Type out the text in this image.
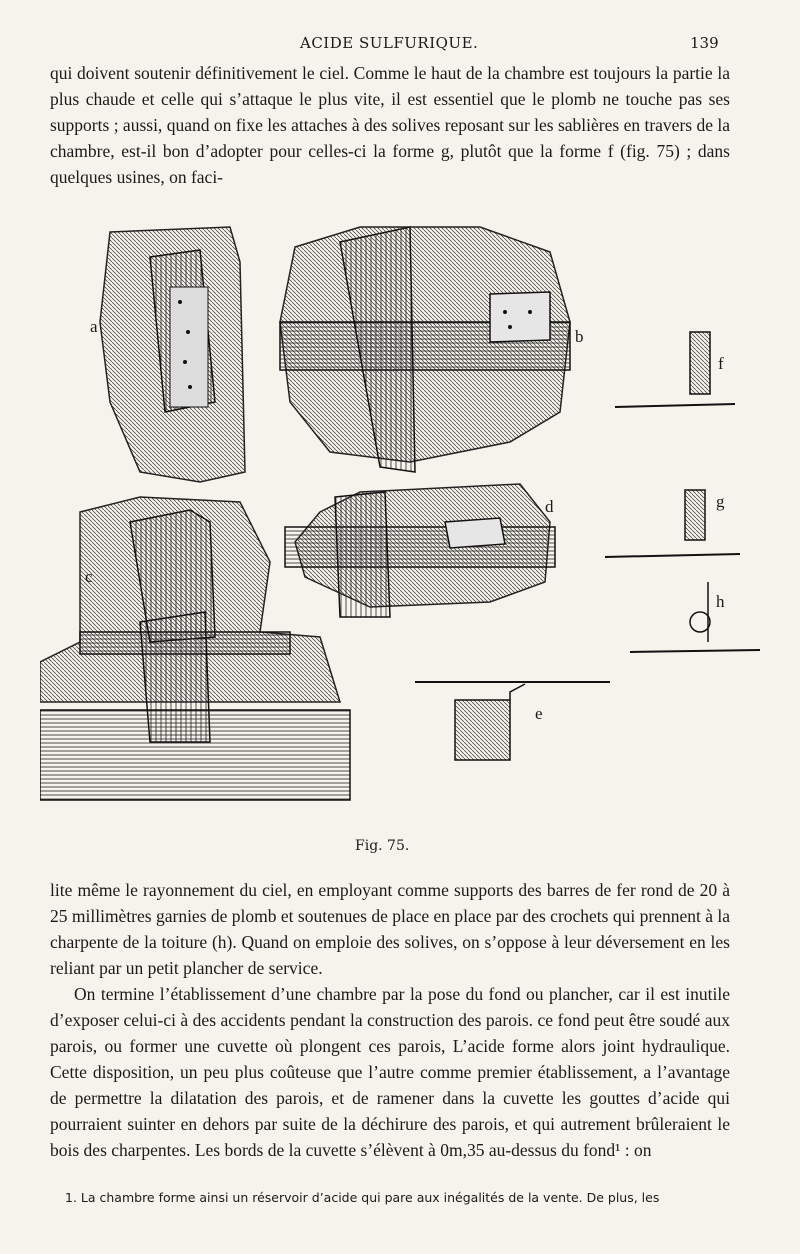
ACIDE SULFURIQUE.	139

qui doivent soutenir définitivement le ciel. Comme le haut de la chambre est toujours la partie la plus chaude et celle qui s’attaque le plus vite, il est essentiel que le plomb ne touche pas ses supports ; aussi, quand on fixe les attaches à des solives reposant sur les sablières en travers de la chambre, est-il bon d’adopter pour celles-ci la forme g, plutôt que la forme f (fig. 75) ; dans quelques usines, on faci-

a
b
c
d
e
f
g
h
Fig. 75.

lite même le rayonnement du ciel, en employant comme supports des barres de fer rond de 20 à 25 millimètres garnies de plomb et soutenues de place en place par des crochets qui prennent à la charpente de la toiture (h). Quand on emploie des solives, on s’oppose à leur déversement en les reliant par un petit plancher de service.

On termine l’établissement d’une chambre par la pose du fond ou plancher, car il est inutile d’exposer celui-ci à des accidents pendant la construction des parois. ce fond peut être soudé aux parois, ou former une cuvette où plongent ces parois, L’acide forme alors joint hydraulique. Cette disposition, un peu plus coûteuse que l’autre comme premier établissement, a l’avantage de permettre la dilatation des parois, et de ramener dans la cuvette les gouttes d’acide qui pourraient suinter en dehors par suite de la déchirure des parois, et qui autrement brûleraient le bois des charpentes. Les bords de la cuvette s’élèvent à 0m,35 au-dessus du fond¹ : on

1. La chambre forme ainsi un réservoir d’acide qui pare aux inégalités de la vente. De plus, les
